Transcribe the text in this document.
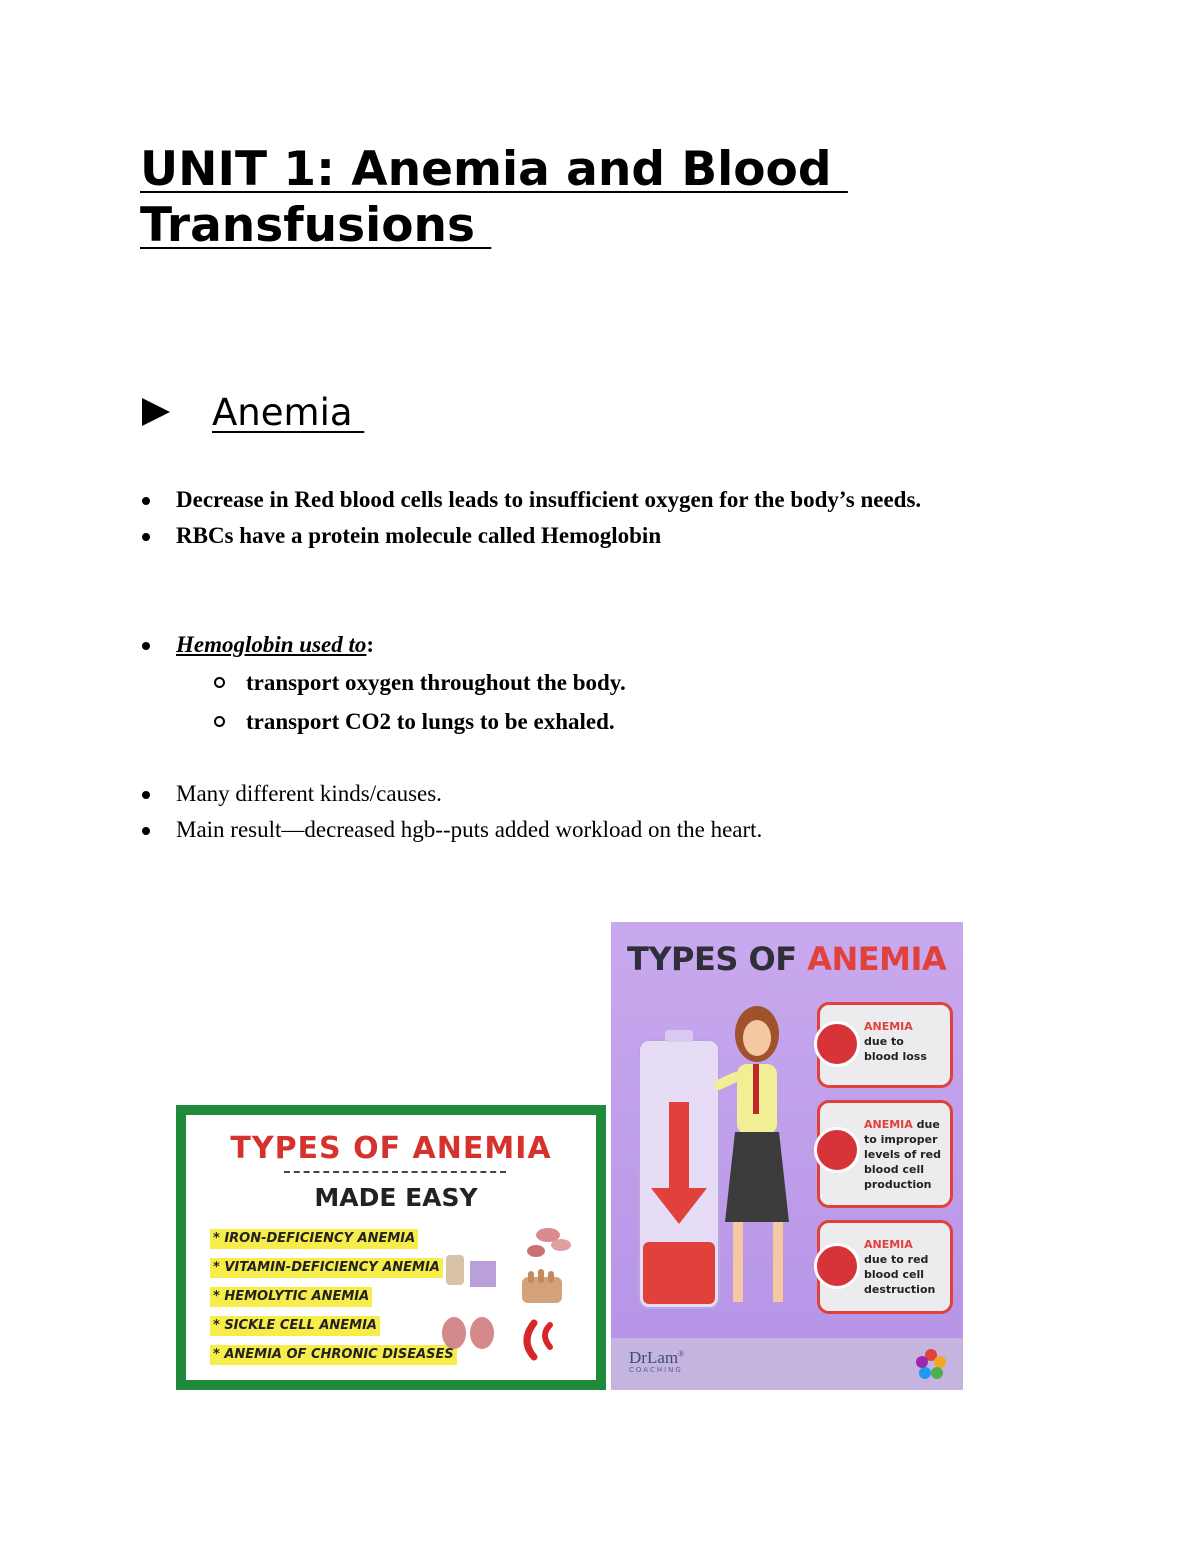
UNIT 1: Anemia and Blood
Transfusions
Anemia
Decrease in Red blood cells leads to insufficient oxygen for the body’s needs.
RBCs have a protein molecule called Hemoglobin
Hemoglobin used to:
transport oxygen throughout the body.
transport CO2 to lungs to be exhaled.
Many different kinds/causes.
Main result—decreased hgb--puts added workload on the heart.
TYPES OF ANEMIA
MADE EASY
* IRON-DEFICIENCY ANEMIA
* VITAMIN-DEFICIENCY ANEMIA
* HEMOLYTIC ANEMIA
* SICKLE CELL ANEMIA
* ANEMIA OF CHRONIC DISEASES
TYPES OF ANEMIA
ANEMIA
due to
blood loss
ANEMIA due
to improper levels of red blood cell production
ANEMIA
due to red
blood cell destruction
DrLam®
COACHING
